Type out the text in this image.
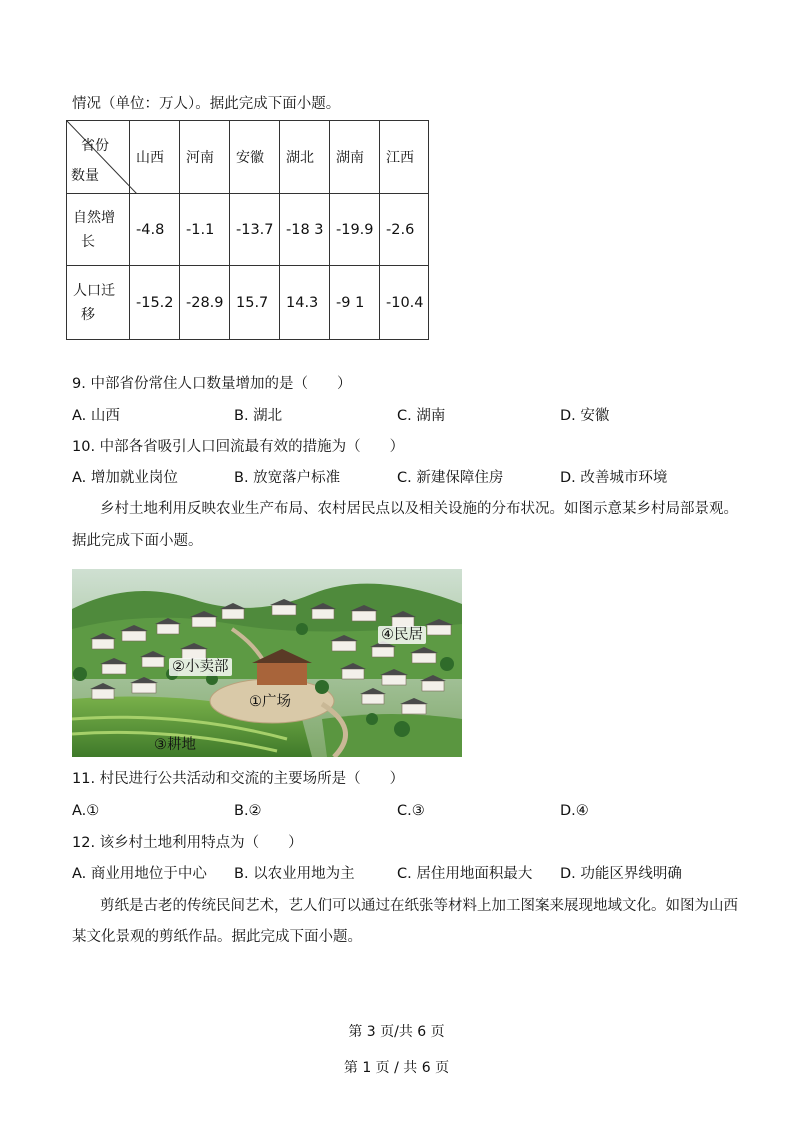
情况（单位：万人）。据此完成下面小题。
省份
数量	山西	河南	安徽	湖北	湖南	江西

自然增
长	-4.8	-1.1	-13.7	-18 3	-19.9	-2.6

人口迁
移	-15.2	-28.9	15.7	14.3	-9 1	-10.4
9. 中部省份常住人口数量增加的是（　　）
A. 山西	B. 湖北	C. 湖南	D. 安徽
10. 中部各省吸引人口回流最有效的措施为（　　）
A. 增加就业岗位	B. 放宽落户标准	C. 新建保障住房	D. 改善城市环境
乡村土地利用反映农业生产布局、农村居民点以及相关设施的分布状况。如图示意某乡村局部景观。
据此完成下面小题。
④民居
②小卖部
①广场
③耕地
11. 村民进行公共活动和交流的主要场所是（　　）
A.①	B.②	C.③	D.④
12. 该乡村土地利用特点为（　　）
A. 商业用地位于中心 B. 以农业用地为主	C. 居住用地面积最大 D. 功能区界线明确
剪纸是古老的传统民间艺术，艺人们可以通过在纸张等材料上加工图案来展现地域文化。如图为山西
某文化景观的剪纸作品。据此完成下面小题。
第 3 页/共 6 页
第 1 页 / 共 6 页
